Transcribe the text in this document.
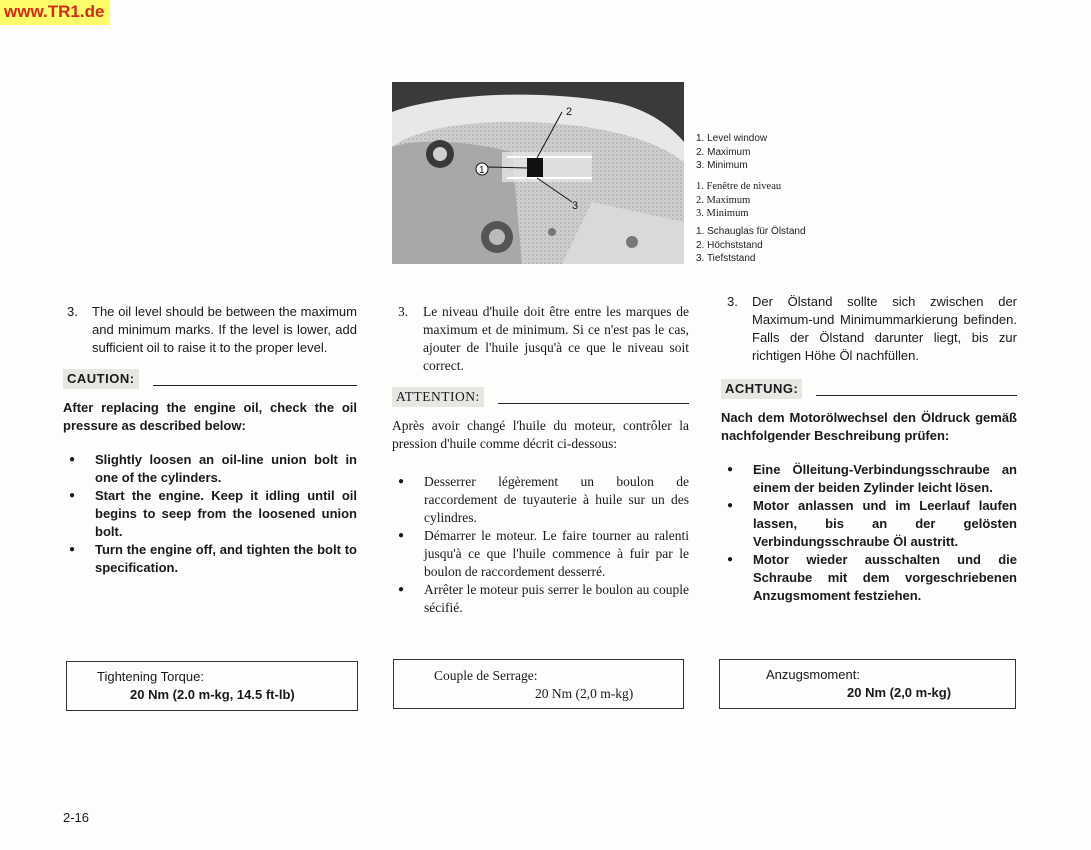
www.TR1.de
2
1
3
1. Level window
2. Maximum
3. Minimum
1. Fenêtre de niveau
2. Maximum
3. Minimum
1. Schauglas für Ölstand
2. Höchststand
3. Tiefststand
3.	The oil level should be between the maximum and minimum marks. If the level is lower, add sufficient oil to raise it to the proper level.
CAUTION:
After replacing the engine oil, check the oil pressure as described below:
●	Slightly loosen an oil-line union bolt in one of the cylinders.
●	Start the engine. Keep it idling until oil begins to seep from the loosened union bolt.
●	Turn the engine off, and tighten the bolt to specification.
3.	Le niveau d'huile doit être entre les marques de maximum et de minimum. Si ce n'est pas le cas, ajouter de l'huile jusqu'à ce que le niveau soit correct.
ATTENTION:
Après avoir changé l'huile du moteur, contrôler la pression d'huile comme décrit ci-dessous:
●	Desserrer légèrement un boulon de raccordement de tuyauterie à huile sur un des cylindres.
●	Démarrer le moteur. Le faire tourner au ralenti jusqu'à ce que l'huile commence à fuir par le boulon de raccordement desserré.
●	Arrêter le moteur puis serrer le boulon au couple sécifié.
3.	Der Ölstand sollte sich zwischen der Maximum-und Minimummarkierung befinden. Falls der Ölstand darunter liegt, bis zur richtigen Höhe Öl nachfüllen.
ACHTUNG:
Nach dem Motorölwechsel den Öldruck gemäß nachfolgender Beschreibung prüfen:
●	Eine Ölleitung-Verbindungsschraube an einem der beiden Zylinder leicht lösen.
●	Motor anlassen und im Leerlauf laufen lassen, bis an der gelösten Verbindungsschraube Öl austritt.
●	Motor wieder ausschalten und die Schraube mit dem vorgeschriebenen Anzugsmoment festziehen.
Tightening Torque:
20 Nm (2.0 m-kg, 14.5 ft-lb)
Couple de Serrage:
20 Nm (2,0 m-kg)
Anzugsmoment:
20 Nm (2,0 m-kg)
2-16
